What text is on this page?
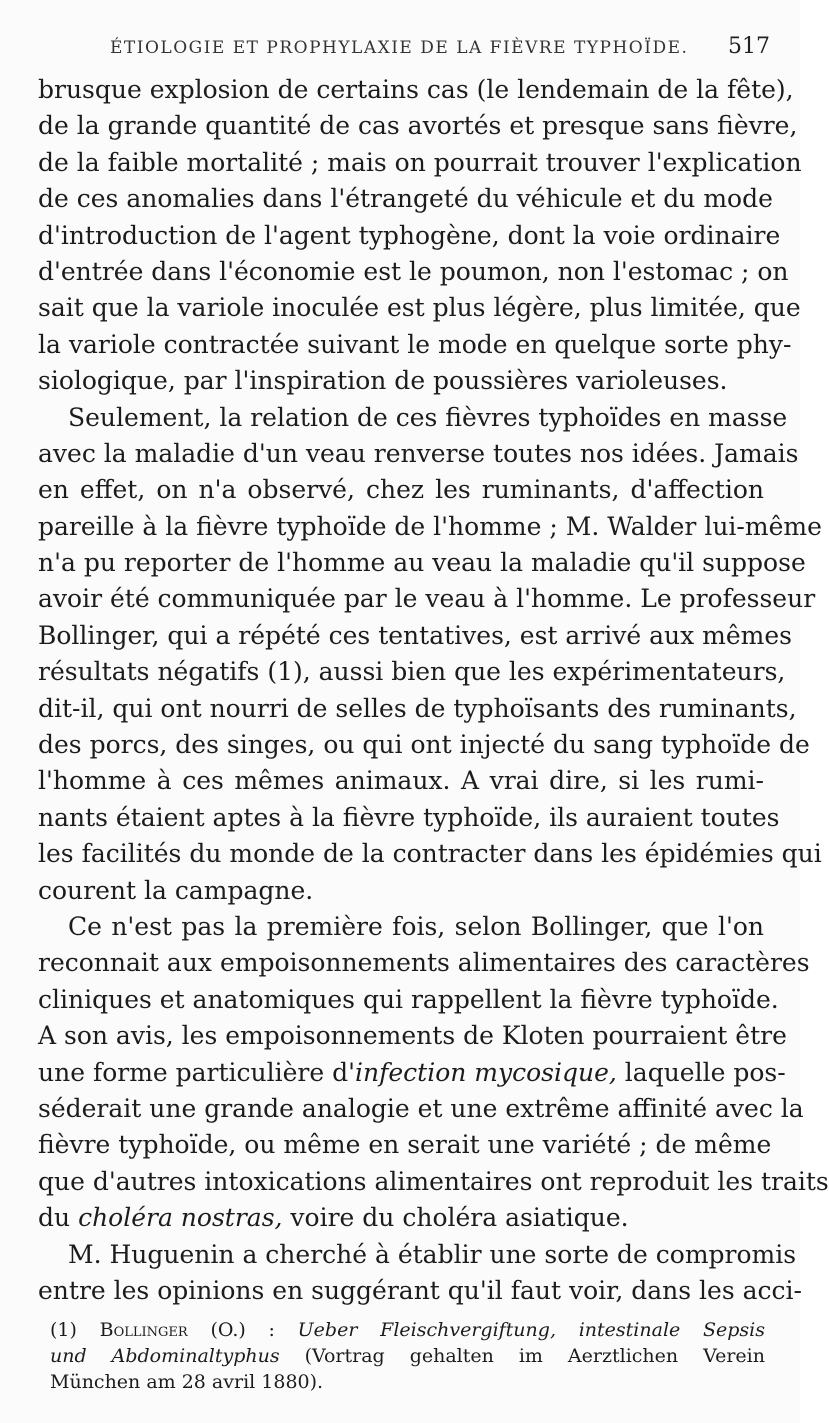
ÉTIOLOGIE ET PROPHYLAXIE DE LA FIÈVRE TYPHOÏDE. 517
brusque explosion de certains cas (le lendemain de la fête),
de la grande quantité de cas avortés et presque sans fièvre,
de la faible mortalité ; mais on pourrait trouver l'explication
de ces anomalies dans l'étrangeté du véhicule et du mode
d'introduction de l'agent typhogène, dont la voie ordinaire
d'entrée dans l'économie est le poumon, non l'estomac ; on
sait que la variole inoculée est plus légère, plus limitée, que
la variole contractée suivant le mode en quelque sorte phy-
siologique, par l'inspiration de poussières varioleuses.
Seulement, la relation de ces fièvres typhoïdes en masse
avec la maladie d'un veau renverse toutes nos idées. Jamais
en effet, on n'a observé, chez les ruminants, d'affection
pareille à la fièvre typhoïde de l'homme ; M. Walder lui-même
n'a pu reporter de l'homme au veau la maladie qu'il suppose
avoir été communiquée par le veau à l'homme. Le professeur
Bollinger, qui a répété ces tentatives, est arrivé aux mêmes
résultats négatifs (1), aussi bien que les expérimentateurs,
dit-il, qui ont nourri de selles de typhoïsants des ruminants,
des porcs, des singes, ou qui ont injecté du sang typhoïde de
l'homme à ces mêmes animaux. A vrai dire, si les rumi-
nants étaient aptes à la fièvre typhoïde, ils auraient toutes
les facilités du monde de la contracter dans les épidémies qui
courent la campagne.
Ce n'est pas la première fois, selon Bollinger, que l'on
reconnait aux empoisonnements alimentaires des caractères
cliniques et anatomiques qui rappellent la fièvre typhoïde.
A son avis, les empoisonnements de Kloten pourraient être
une forme particulière d'infection mycosique, laquelle pos-
séderait une grande analogie et une extrême affinité avec la
fièvre typhoïde, ou même en serait une variété ; de même
que d'autres intoxications alimentaires ont reproduit les traits
du choléra nostras, voire du choléra asiatique.
M. Huguenin a cherché à établir une sorte de compromis
entre les opinions en suggérant qu'il faut voir, dans les acci-
(1) Bollinger (O.) : Ueber Fleischvergiftung, intestinale Sepsis
und Abdominaltyphus (Vortrag gehalten im Aerztlichen Verein
München am 28 avril 1880).
